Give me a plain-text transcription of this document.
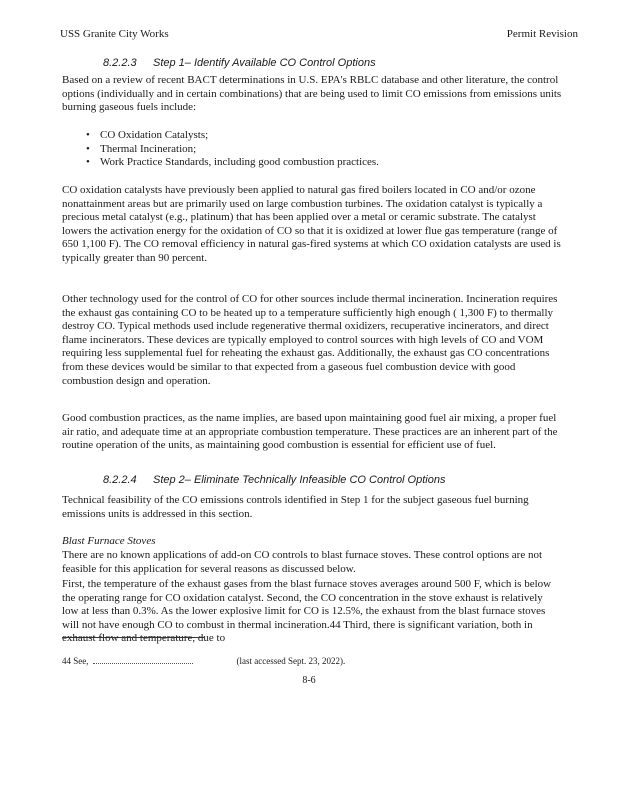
USS Granite City Works	Permit Revision
8.2.2.3 Step 1– Identify Available CO Control Options

Based on a review of recent BACT determinations in U.S. EPA's RBLC database and other literature, the control options (individually and in certain combinations) that are being used to limit CO emissions from emissions units burning gaseous fuels include:

• CO Oxidation Catalysts;
• Thermal Incineration;
• Work Practice Standards, including good combustion practices.

CO oxidation catalysts have previously been applied to natural gas fired boilers located in CO and/or ozone nonattainment areas but are primarily used on large combustion turbines. The oxidation catalyst is typically a precious metal catalyst (e.g., platinum) that has been applied over a metal or ceramic substrate. The catalyst lowers the activation energy for the oxidation of CO so that it is oxidized at lower flue gas temperature (range of 650 1,100 F). The CO removal efficiency in natural gas-fired systems at which CO oxidation catalysts are used is typically greater than 90 percent.

Other technology used for the control of CO for other sources include thermal incineration. Incineration requires the exhaust gas containing CO to be heated up to a temperature sufficiently high enough ( 1,300 F) to thermally destroy CO. Typical methods used include regenerative thermal oxidizers, recuperative incinerators, and direct flame incinerators. These devices are typically employed to control sources with high levels of CO and VOM requiring less supplemental fuel for reheating the exhaust gas. Additionally, the exhaust gas CO concentrations from these devices would be similar to that expected from a gaseous fuel combustion device with good combustion design and operation.

Good combustion practices, as the name implies, are based upon maintaining good fuel air mixing, a proper fuel air ratio, and adequate time at an appropriate combustion temperature. These practices are an inherent part of the routine operation of the units, as maintaining good combustion is essential for efficient use of fuel.

8.2.2.4 Step 2– Eliminate Technically Infeasible CO Control Options

Technical feasibility of the CO emissions controls identified in Step 1 for the subject gaseous fuel burning emissions units is addressed in this section.

Blast Furnace Stoves

There are no known applications of add-on CO controls to blast furnace stoves. These control options are not feasible for this application for several reasons as discussed below.

First, the temperature of the exhaust gases from the blast furnace stoves averages around 500 F, which is below the operating range for CO oxidation catalyst. Second, the CO concentration in the stove exhaust is relatively low at less than 0.3%. As the lower explosive limit for CO is 12.5%, the exhaust from the blast furnace stoves will not have enough CO to combust in thermal incineration.44 Third, there is significant variation, both in exhaust flow and temperature, due to

44 See,	(last accessed Sept. 23, 2022).
8-6
